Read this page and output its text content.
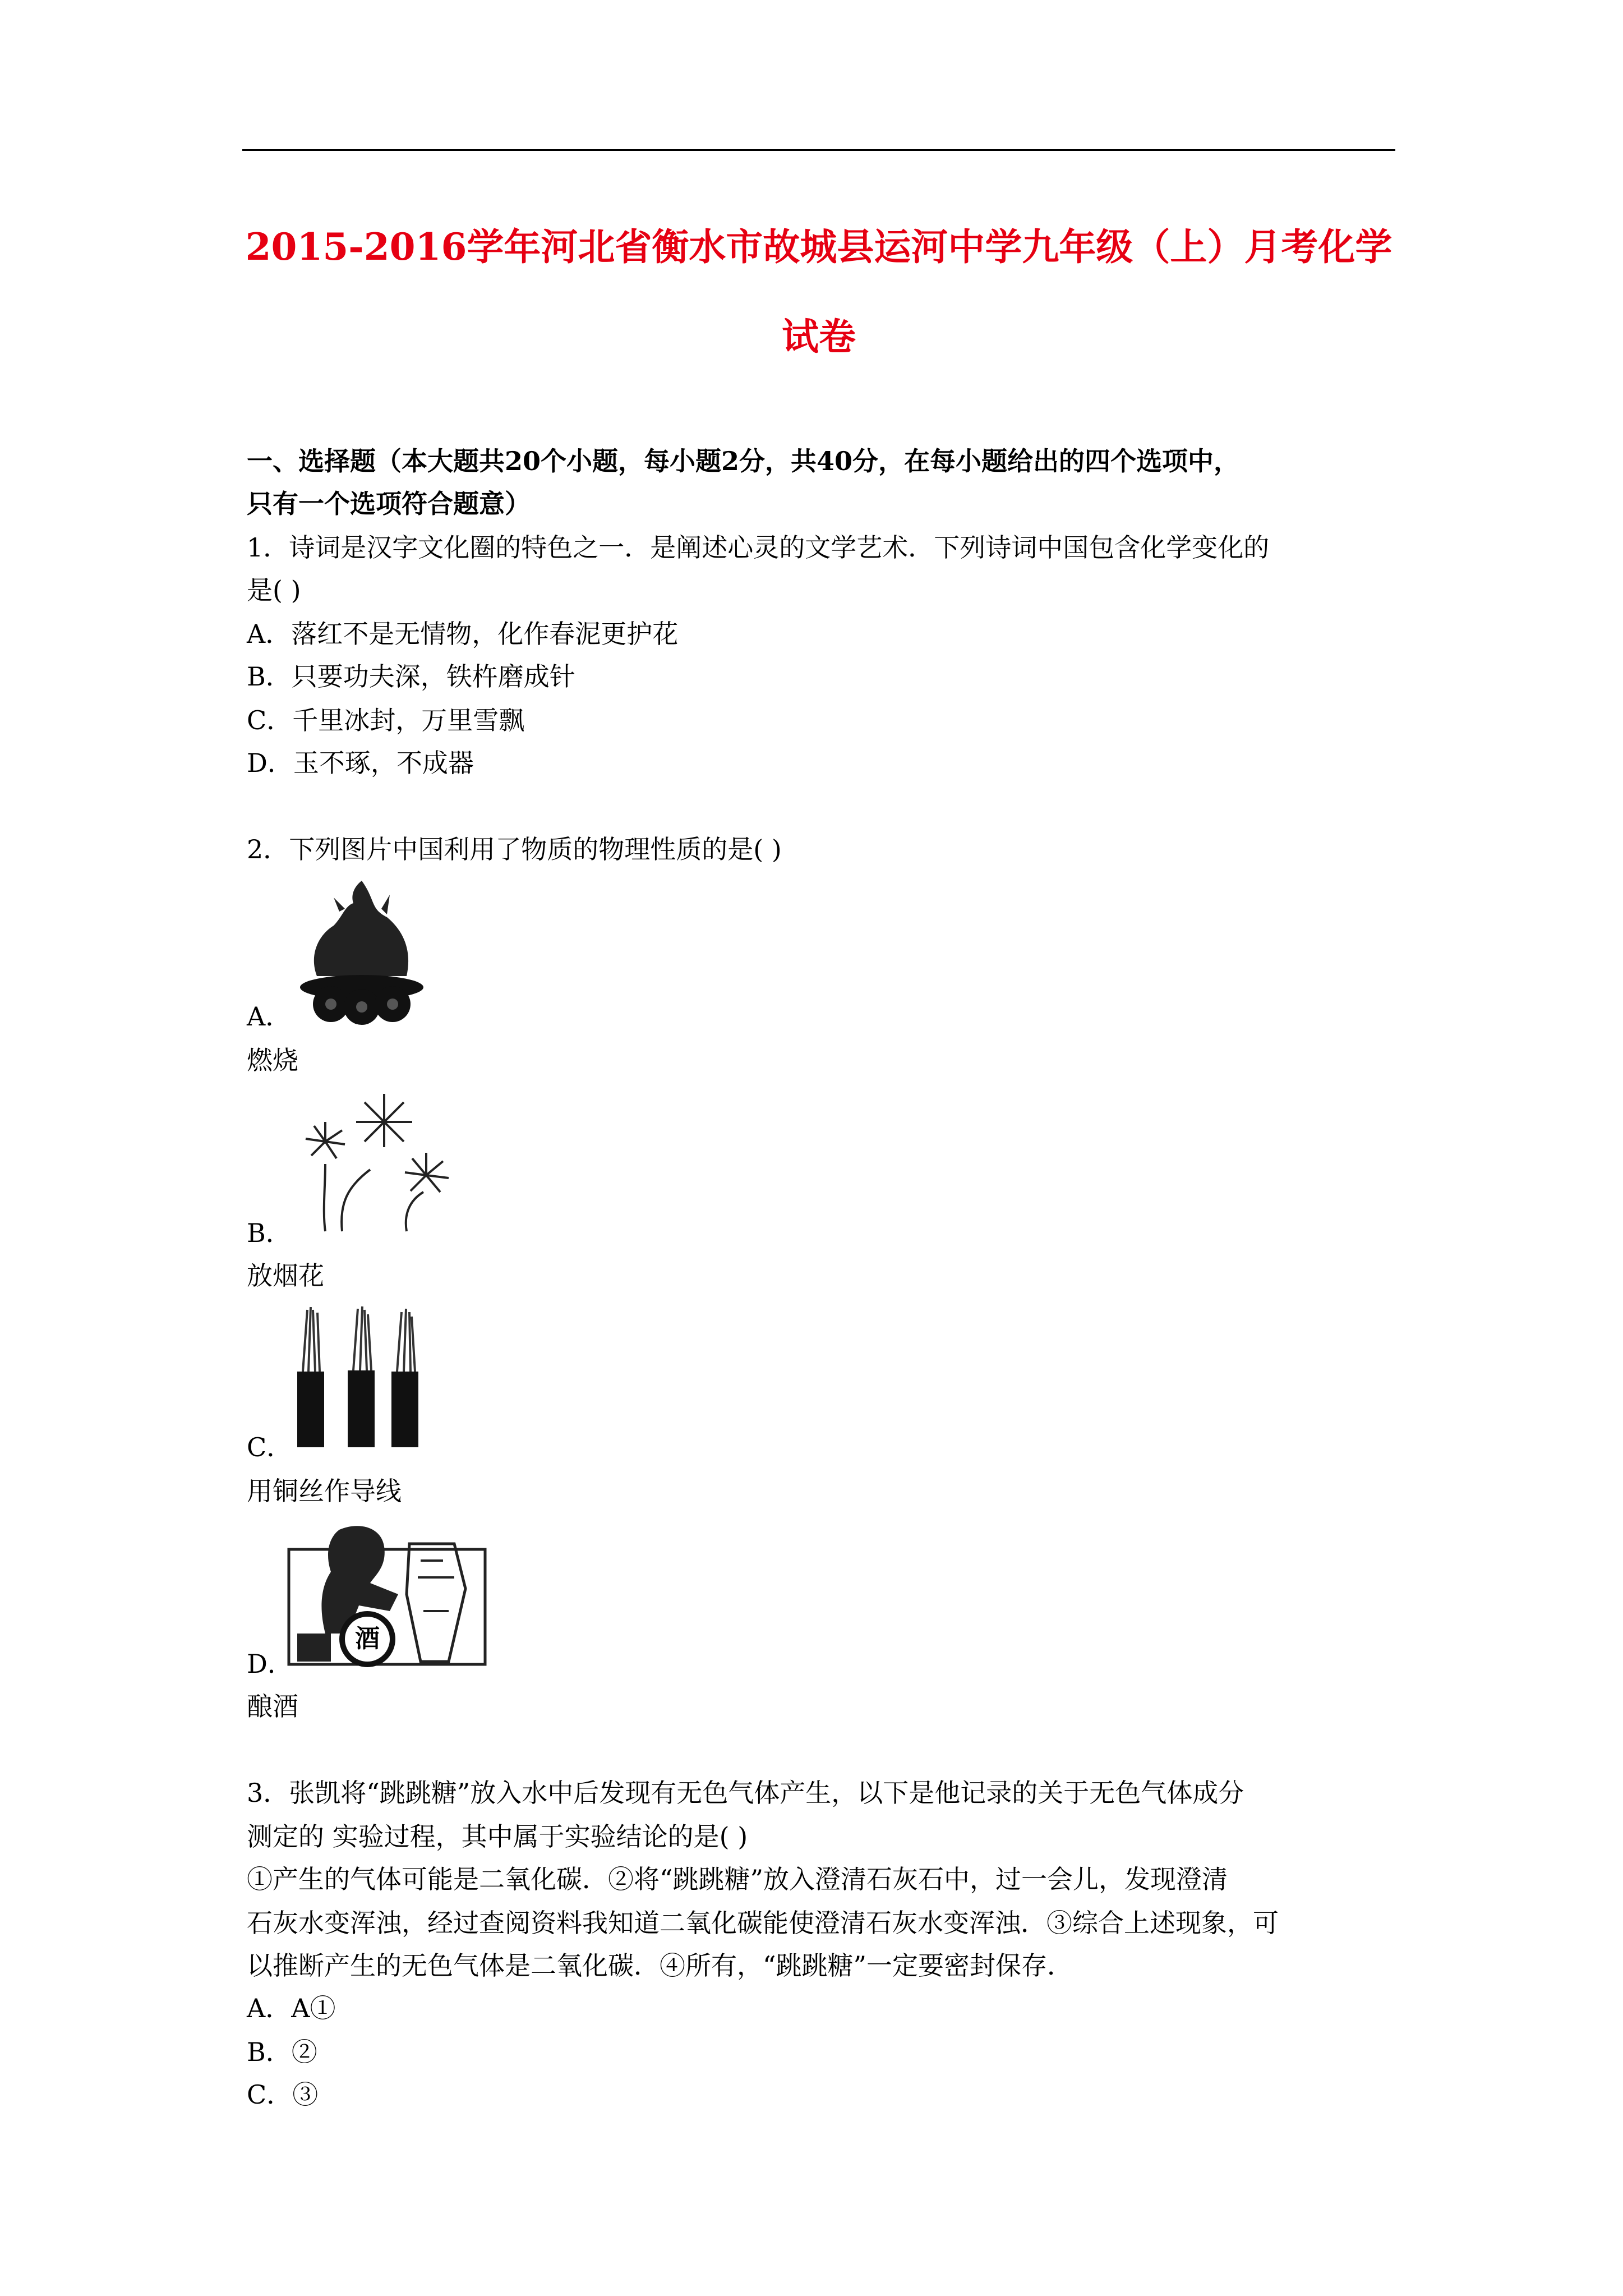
2015-2016学年河北省衡水市故城县运河中学九年级（上）月考化学
试卷
一、选择题（本大题共20个小题，每小题2分，共40分，在每小题给出的四个选项中，
只有一个选项符合题意）
1．诗词是汉字文化圈的特色之一．是阐述心灵的文学艺术．下列诗词中国包含化学变化的
是( )
A．落红不是无情物，化作春泥更护花
B．只要功夫深，铁杵磨成针
C．千里冰封，万里雪飘
D．玉不琢，不成器
2．下列图片中国利用了物质的物理性质的是( )
A．
燃烧
B．
放烟花
C．
用铜丝作导线
酒
D．
酿酒
3．张凯将“跳跳糖”放入水中后发现有无色气体产生，以下是他记录的关于无色气体成分
测定的 实验过程，其中属于实验结论的是( )
①产生的气体可能是二氧化碳．②将“跳跳糖”放入澄清石灰石中，过一会儿，发现澄清
石灰水变浑浊，经过查阅资料我知道二氧化碳能使澄清石灰水变浑浊．③综合上述现象，可
以推断产生的无色气体是二氧化碳．④所有，“跳跳糖”一定要密封保存．
A．A①
B．②
C．③
